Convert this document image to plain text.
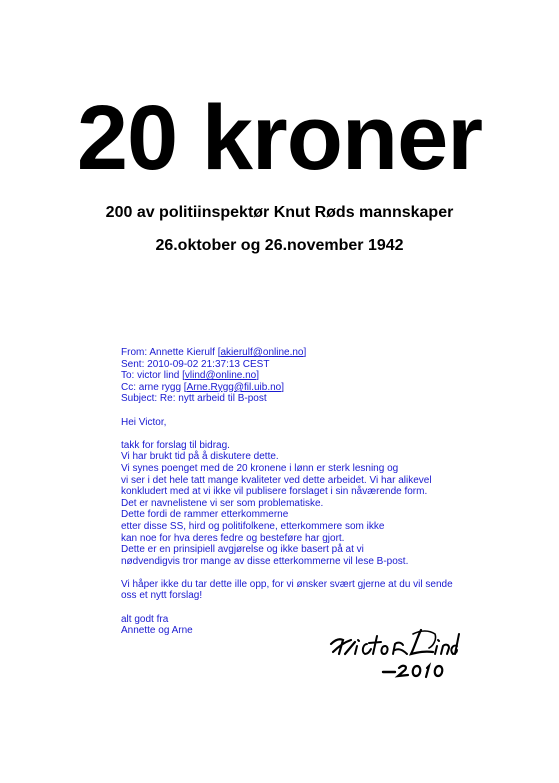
20 kroner
200 av politiinspektør Knut Røds mannskaper
26.oktober og 26.november 1942
From: Annette Kierulf [akierulf@online.no]
Sent: 2010-09-02 21:37:13 CEST
To: victor lind [vlind@online.no]
Cc: arne rygg [Arne.Rygg@fil.uib.no]
Subject: Re: nytt arbeid til B-post
Hei Victor,
takk for forslag til bidrag.
Vi har brukt tid på å diskutere dette.
Vi synes poenget med de 20 kronene i lønn er sterk lesning og
vi ser i det hele tatt mange kvaliteter ved dette arbeidet. Vi har alikevel
konkludert med at vi ikke vil publisere forslaget i sin nåværende form.
Det er navnelistene vi ser som problematiske.
Dette fordi de rammer etterkommerne
etter disse SS, hird og politifolkene, etterkommere som ikke
kan noe for hva deres fedre og besteføre har gjort.
Dette er en prinsipiell avgjørelse og ikke basert på at vi
nødvendigvis tror mange av disse etterkommerne vil lese B-post.
Vi håper ikke du tar dette ille opp, for vi ønsker svært gjerne at du vil sende
oss et nytt forslag!
alt godt fra
Annette og Arne
